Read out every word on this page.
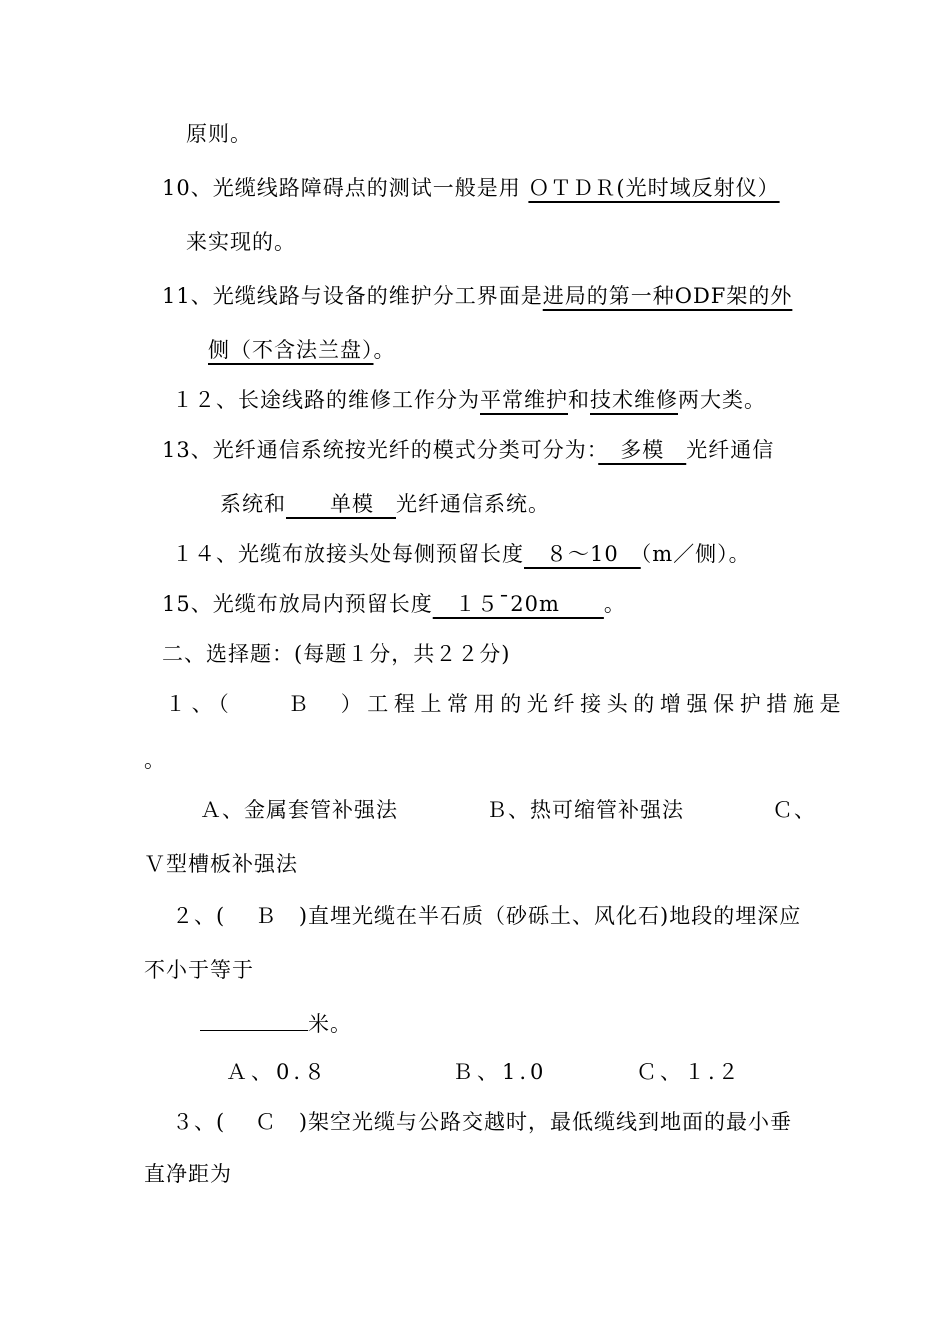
原则。
10、光缆线路障碍点的测试一般是用 ＯＴＤＲ(光时域反射仪）
来实现的。
11、光缆线路与设备的维护分工界面是进局的第一种ODF架的外
侧（不含法兰盘）。
１２、长途线路的维修工作分为平常维护和技术维修两大类。
13、光纤通信系统按光纤的模式分类可分为：　多模　光纤通信
系统和　　单模　光纤通信系统。
１４、光缆布放接头处每侧预留长度　８～10　（m／侧）。
15、光缆布放局内预留长度　１５¯20m　　。
二、选择题：(每题１分，共２２分)
１、（　　Ｂ　）工程上常用的光纤接头的增强保护措施是
。
Ａ、金属套管补强法	Ｂ、热可缩管补强法	Ｃ、
Ｖ型槽板补强法
２、(　 Ｂ　)直埋光缆在半石质（砂砾土、风化石)地段的埋深应
不小于等于
米。
Ａ、0.８	Ｂ、1.0	Ｃ、１.２
３、(　 Ｃ　)架空光缆与公路交越时，最低缆线到地面的最小垂
直净距为
